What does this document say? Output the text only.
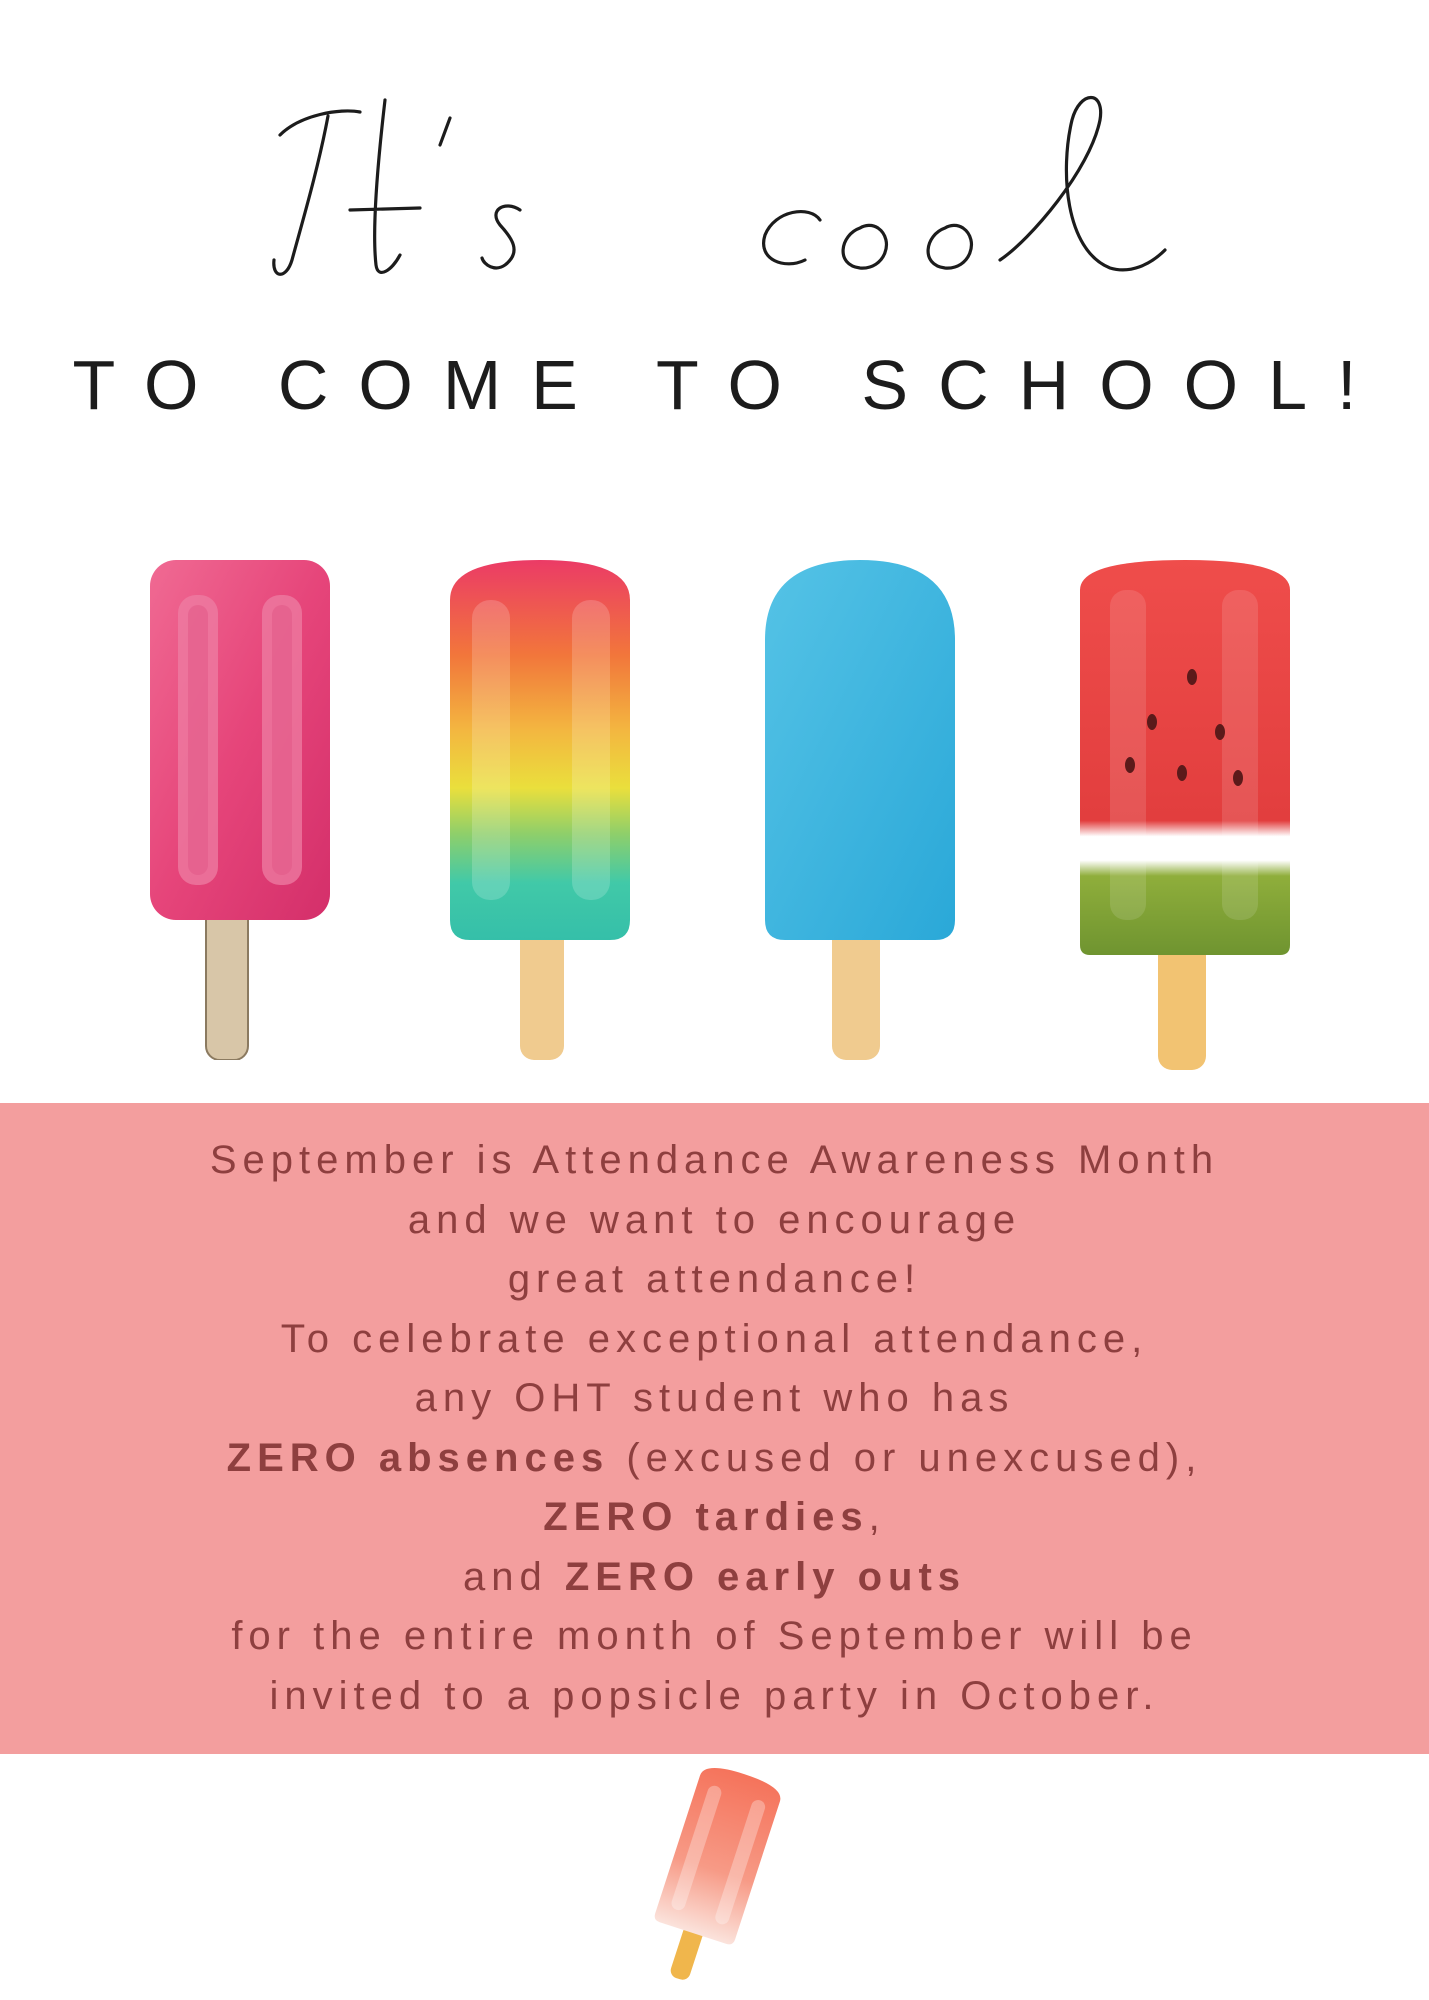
It's cool
TO COME TO SCHOOL!
September is Attendance Awareness Month
and we want to encourage
great attendance!
To celebrate exceptional attendance,
any OHT student who has
ZERO absences (excused or unexcused),
ZERO tardies,
and ZERO early outs
for the entire month of September will be
invited to a popsicle party in October.
